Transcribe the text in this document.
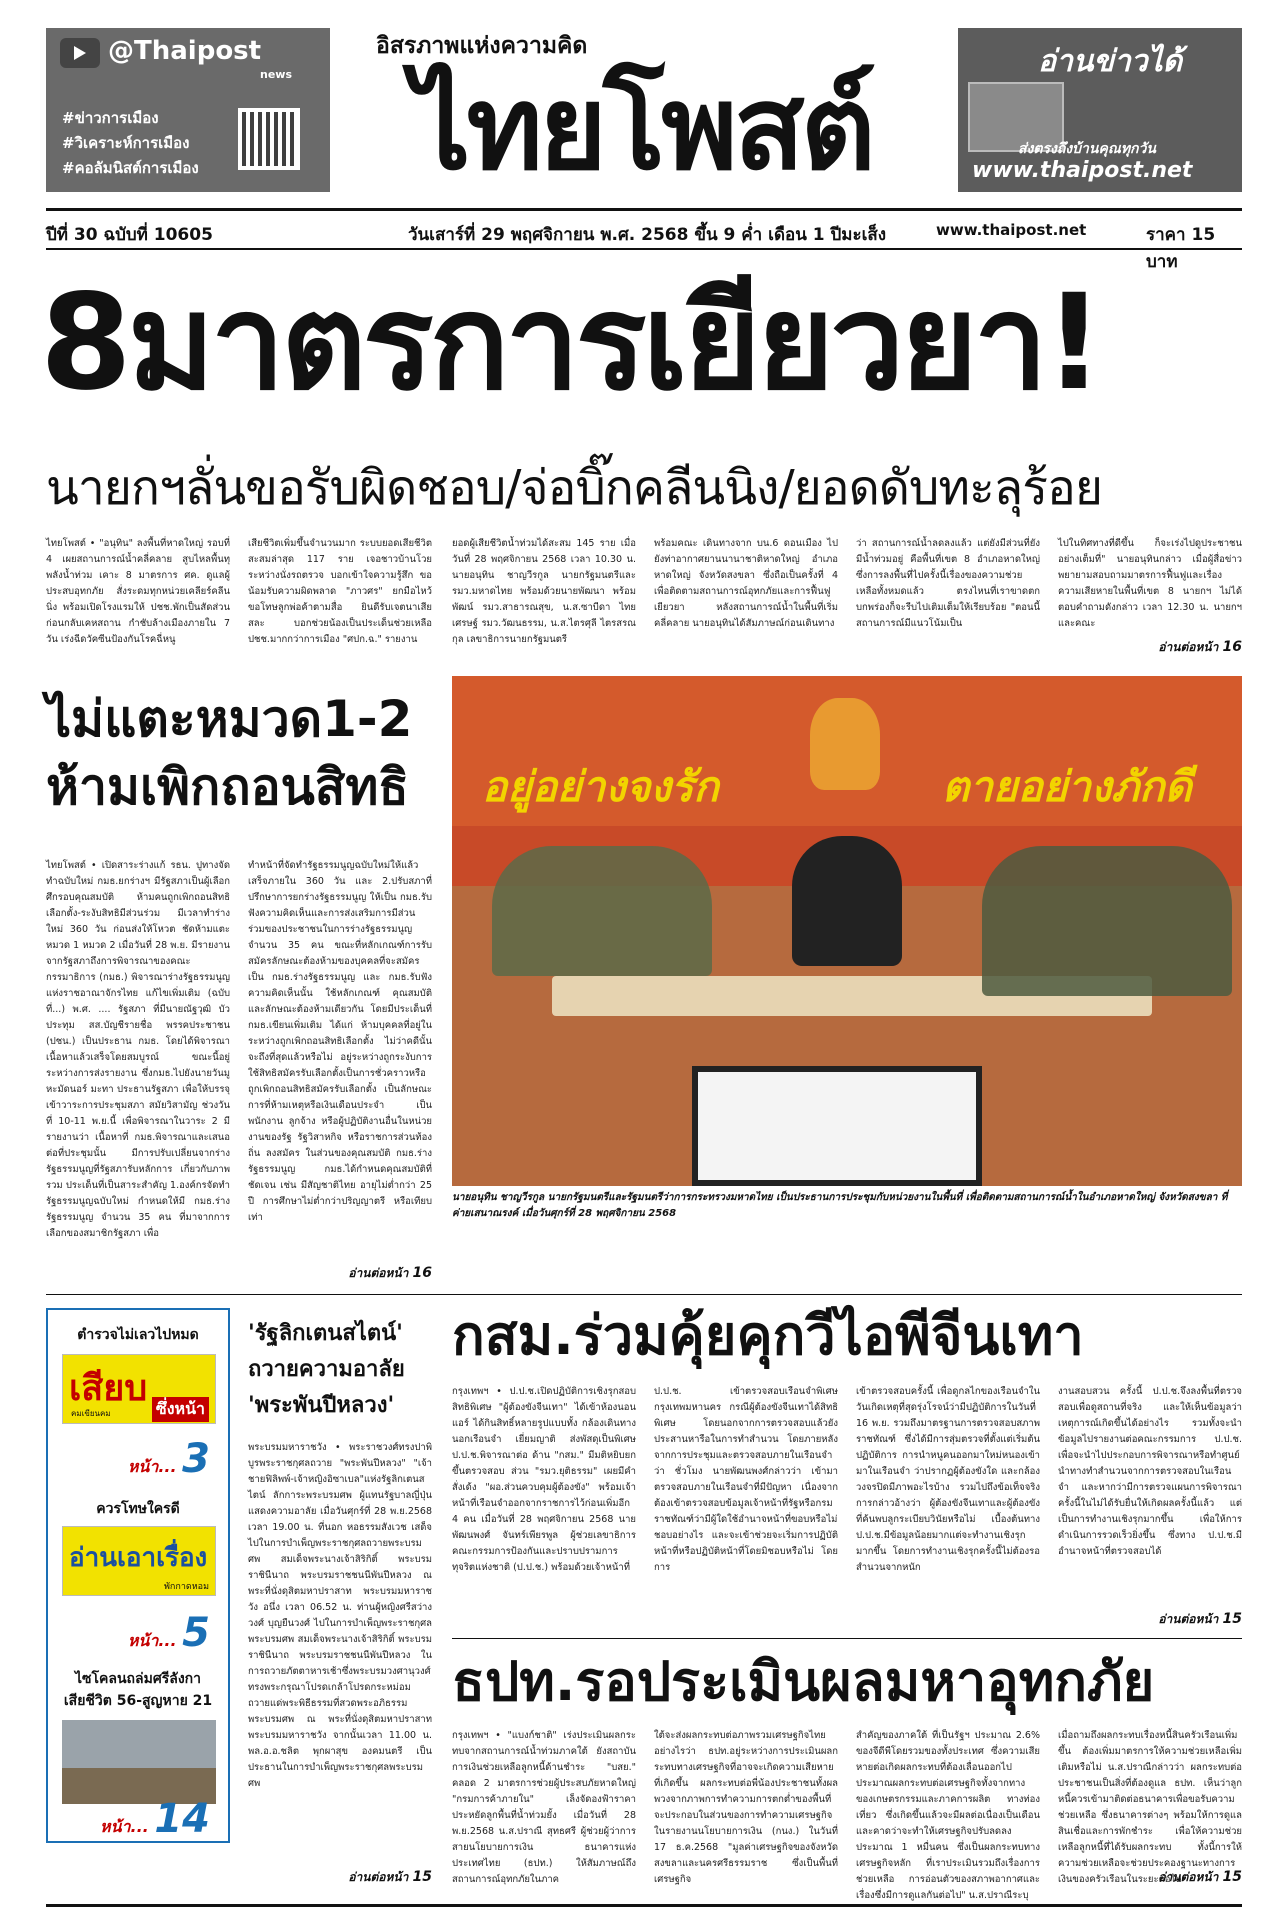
@Thaipost
news
#ข่าวการเมือง
#วิเคราะห์การเมือง
#คอลัมนิสต์การเมือง
อิสรภาพแห่งความคิด
ไทยโพสต์	อ่านข่าวได้
ส่งตรงถึงบ้านคุณทุกวัน
www.thaipost.net
ปีที่ 30 ฉบับที่ 10605	วันเสาร์ที่ 29 พฤศจิกายน พ.ศ. 2568 ขึ้น 9 ค่ำ เดือน 1 ปีมะเส็ง	www.thaipost.net	ราคา 15 บาท
8มาตรการเยียวยา!
นายกฯลั่นขอรับผิดชอบ/จ่อบิ๊กคลีนนิง/ยอดดับทะลุร้อย
ไทยโพสต์ • "อนุทิน" ลงพื้นที่หาดใหญ่ รอบที่ 4 เผยสถานการณ์น้ำคลี่คลาย สูบไหลพื้นทุพลังน้ำท่วม เคาะ 8 มาตรการ ศค. ดูแลผู้ประสบอุทกภัย สั่งระดมทุกหน่วยเคลียร์คลีนนิ่ง พร้อมเปิดโรงแรมให้ ปชช.พักเป็นสัดส่วนก่อนกลับเคหสถาน กำชับล้างเมืองภายใน 7 วัน เร่งฉีดวัคซีนป้องกันโรคฉี่หนู
เสียชีวิตเพิ่มขึ้นจำนวนมาก ระบบยอดเสียชีวิตสะสมล่าสุด 117 ราย เจอชาวบ้านโวยระหว่างนั่งรถตรวจ บอกเข้าใจความรู้สึก ขอน้อมรับความผิดพลาด "ภาวศร" ยกมือไหว้ขอโทษลูกพ่อค้าตามสื่อ ยินดีรับเจตนาเสียสละ บอกช่วยน้องเป็นประเด็นช่วยเหลือ ปชช.มากกว่าการเมือง "ศปก.ฉ." รายงาน
ยอดผู้เสียชีวิตน้ำท่วมได้สะสม 145 ราย เมื่อวันที่ 28 พฤศจิกายน 2568 เวลา 10.30 น. นายอนุทิน ชาญวีรกูล นายกรัฐมนตรีและ รมว.มหาดไทย พร้อมด้วยนายพัฒนา พร้อมพัฒน์ รมว.สาธารณสุข, น.ส.ซาบีดา ไทยเศรษฐ์ รมว.วัฒนธรรม, น.ส.ไตรศุลี ไตรสรณกุล เลขาธิการนายกรัฐมนตรี
พร้อมคณะ เดินทางจาก บน.6 ดอนเมือง ไปยังท่าอากาศยานนานาชาติหาดใหญ่ อำเภอหาดใหญ่ จังหวัดสงขลา ซึ่งถือเป็นครั้งที่ 4 เพื่อติดตามสถานการณ์อุทกภัยและการฟื้นฟูเยียวยา หลังสถานการณ์น้ำในพื้นที่เริ่มคลี่คลาย นายอนุทินได้สัมภาษณ์ก่อนเดินทาง
ว่า สถานการณ์น้ำลดลงแล้ว แต่ยังมีส่วนที่ยังมีน้ำท่วมอยู่ คือพื้นที่เขต 8 อำเภอหาดใหญ่ ซึ่งการลงพื้นที่ไปครั้งนี้เรื่องของความช่วยเหลือทั้งหมดแล้ว ตรงไหนที่เราขาดตกบกพร่องก็จะรีบไปเติมเต็มให้เรียบร้อย "ตอนนี้สถานการณ์มีแนวโน้มเป็น
ไปในทิศทางที่ดีขึ้น ก็จะเร่งไปดูประชาชนอย่างเต็มที่" นายอนุทินกล่าว เมื่อผู้สื่อข่าวพยายามสอบถามมาตรการฟื้นฟูและเรื่องความเสียหายในพื้นที่เขต 8 นายกฯ ไม่ได้ตอบคำถามดังกล่าว เวลา 12.30 น. นายกฯ และคณะ
อ่านต่อหน้า 16
ไม่แตะหมวด1-2
ห้ามเพิกถอนสิทธิ
ไทยโพสต์ • เปิดสาระร่างแก้ รธน. ปูทางจัดทำฉบับใหม่ กมธ.ยกร่างฯ มีรัฐสภาเป็นผู้เลือก ศึกรอบคุณสมบัติ ห้ามคนถูกเพิกถอนสิทธิเลือกตั้ง-ระงับสิทธิมีส่วนร่วม มีเวลาทำร่างใหม่ 360 วัน ก่อนส่งให้โหวต ชัดห้ามแตะหมวด 1 หมวด 2 เมื่อวันที่ 28 พ.ย. มีรายงานจากรัฐสภาถึงการพิจารณาของคณะกรรมาธิการ (กมธ.) พิจารณาร่างรัฐธรรมนูญแห่งราชอาณาจักรไทย แก้ไขเพิ่มเติม (ฉบับที่...) พ.ศ. .... รัฐสภา ที่มีนายณัฐวุฒิ บัวประทุม สส.บัญชีรายชื่อ พรรคประชาชน (ปชน.) เป็นประธาน กมธ. โดยได้พิจารณาเนื้อหาแล้วเสร็จโดยสมบูรณ์ ขณะนี้อยู่ระหว่างการส่งรายงาน ซึ่งกมธ.ไปยังนายวันมูหะมัดนอร์ มะทา ประธานรัฐสภา เพื่อให้บรรจุเข้าวาระการประชุมสภา สมัยวิสามัญ ช่วงวันที่ 10-11 พ.ย.นี้ เพื่อพิจารณาในวาระ 2 มีรายงานว่า เนื้อหาที่ กมธ.พิจารณาและเสนอต่อที่ประชุมนั้น มีการปรับเปลี่ยนจากร่างรัฐธรรมนูญที่รัฐสภารับหลักการ เกี่ยวกับภาพรวม ประเด็นที่เป็นสาระสำคัญ 1.องค์กรจัดทำรัฐธรรมนูญฉบับใหม่ กำหนดให้มี กมธ.ร่างรัฐธรรมนูญ จำนวน 35 คน ที่มาจากการเลือกของสมาชิกรัฐสภา เพื่อ
ทำหน้าที่จัดทำรัฐธรรมนูญฉบับใหม่ให้แล้วเสร็จภายใน 360 วัน และ 2.ปรับสภาที่ปรึกษาการยกร่างรัฐธรรมนูญ ให้เป็น กมธ.รับฟังความคิดเห็นและการส่งเสริมการมีส่วนร่วมของประชาชนในการร่างรัฐธรรมนูญ จำนวน 35 คน ขณะที่หลักเกณฑ์การรับสมัครลักษณะต้องห้ามของบุคคลที่จะสมัครเป็น กมธ.ร่างรัฐธรรมนูญ และ กมธ.รับฟังความคิดเห็นนั้น ใช้หลักเกณฑ์ คุณสมบัติ และลักษณะต้องห้ามเดียวกัน โดยมีประเด็นที่ กมธ.เขียนเพิ่มเติม ได้แก่ ห้ามบุคคลที่อยู่ในระหว่างถูกเพิกถอนสิทธิเลือกตั้ง ไม่ว่าคดีนั้นจะถึงที่สุดแล้วหรือไม่ อยู่ระหว่างถูกระงับการใช้สิทธิสมัครรับเลือกตั้งเป็นการชั่วคราวหรือถูกเพิกถอนสิทธิสมัครรับเลือกตั้ง เป็นลักษณะการที่ห้ามเหตุหรือเงินเดือนประจำ เป็นพนักงาน ลูกจ้าง หรือผู้ปฏิบัติงานอื่นในหน่วยงานของรัฐ รัฐวิสาหกิจ หรือราชการส่วนท้องถิ่น ลงสมัคร ในส่วนของคุณสมบัติ กมธ.ร่างรัฐธรรมนูญ กมธ.ได้กำหนดคุณสมบัติที่ชัดเจน เช่น มีสัญชาติไทย อายุไม่ต่ำกว่า 25 ปี การศึกษาไม่ต่ำกว่าปริญญาตรี หรือเทียบเท่า
อ่านต่อหน้า 16
อยู่อย่างจงรัก	ตายอย่างภักดี
นายอนุทิน ชาญวีรกูล นายกรัฐมนตรีและรัฐมนตรีว่าการกระทรวงมหาดไทย เป็นประธานการประชุมกับหน่วยงานในพื้นที่ เพื่อติดตามสถานการณ์น้ำในอำเภอหาดใหญ่ จังหวัดสงขลา ที่ค่ายเสนาณรงค์ เมื่อวันศุกร์ที่ 28 พฤศจิกายน 2568
ตำรวจไม่เลวไปหมด
เสียบ
คมเขียนคม	ซึ่งหน้า
หน้า... 3
ควรโทษใครดี
อ่านเอาเรื่อง
พักกาดหอม
หน้า... 5
ไซโคลนถล่มศรีลังกา
เสียชีวิต 56-สูญหาย 21
หน้า... 14
'รัฐลิกเตนสไตน์'
ถวายความอาลัย
'พระพันปีหลวง'
พระบรมมหาราชวัง • พระราชวงศ์ทรงปาพิบูรพระราชกุศลถวาย "พระพันปีหลวง" "เจ้าชายฟิลิพพ์-เจ้าหญิงอิซาเบล"แห่งรัฐลิกเตนสไตน์ ลักการะพระบรมศพ ผู้แทนรัฐบาลญี่ปุ่นแสดงความอาลัย เมื่อวันศุกร์ที่ 28 พ.ย.2568 เวลา 19.00 น. ที่นอก หอธรรมสังเวช เสด็จไปในการบำเพ็ญพระราชกุศลถวายพระบรมศพ สมเด็จพระนางเจ้าสิริกิติ์ พระบรมราชินีนาถ พระบรมราชชนนีพันปีหลวง ณ พระที่นั่งดุสิตมหาปราสาท พระบรมมหาราชวัง อนึ่ง เวลา 06.52 น. ท่านผู้หญิงศรีสว่างวงศ์ บุญยืนวงศ์ ไปในการบำเพ็ญพระราชกุศลพระบรมศพ สมเด็จพระนางเจ้าสิริกิติ์ พระบรมราชินีนาถ พระบรมราชชนนีพันปีหลวง ในการถวายภัตตาหารเช้าซึ่งพระบรมวงศานุวงศ์ทรงพระกรุณาโปรดเกล้าโปรดกระหม่อมถวายแด่พระพิธีธรรมที่สวดพระอภิธรรมพระบรมศพ ณ พระที่นั่งดุสิตมหาปราสาท พระบรมมหาราชวัง จากนั้นเวลา 11.00 น. พล.อ.อ.ชลิต พุกผาสุข องคมนตรี เป็นประธานในการบำเพ็ญพระราชกุศลพระบรมศพ
อ่านต่อหน้า 15
กสม.ร่วมคุ้ยคุกวีไอพีจีนเทา
กรุงเทพฯ • ป.ป.ช.เปิดปฏิบัติการเชิงรุกสอบสิทธิพิเศษ "ผู้ต้องขังจีนเทา" ได้เข้าห้องนอนแอร์ ได้กินสิทธิ์หลายรูปแบบทั้ง กล้องเดินทางนอกเรือนจำ เยี่ยมญาติ ส่งพัสดุเป็นพิเศษ ป.ป.ช.พิจารณาต่อ ด้าน "กสม." มีมติหยิบยกขึ้นตรวจสอบ ส่วน "รมว.ยุติธรรม" เผยมีคำสั่งเด้ง "ผอ.ส่วนควบคุมผู้ต้องขัง" พร้อมเจ้าหน้าที่เรือนจำออกจากราชการไว้ก่อนเพิ่มอีก 4 คน เมื่อวันที่ 28 พฤศจิกายน 2568 นายพัฒนพงศ์ จันทร์เพียรพูล ผู้ช่วยเลขาธิการคณะกรรมการป้องกันและปราบปรามการทุจริตแห่งชาติ (ป.ป.ช.) พร้อมด้วยเจ้าหน้าที่
ป.ป.ช. เข้าตรวจสอบเรือนจำพิเศษกรุงเทพมหานคร กรณีผู้ต้องขังจีนเทาได้สิทธิพิเศษ โดยนอกจากการตรวจสอบแล้วยังประสานหารือในการทำสำนวน โดยภายหลังจากการประชุมและตรวจสอบภายในเรือนจำว่า ชั่วโมง นายพัฒนพงศ์กล่าวว่า เข้ามาตรวจสอบภายในเรือนจำที่มีปัญหา เนื่องจากต้องเข้าตรวจสอบข้อมูลเจ้าหน้าที่รัฐหรือกรมราชทัณฑ์ว่ามีผู้ใดใช้อำนาจหน้าที่ขอบหรือไม่ชอบอย่างไร และจะเข้าช่วยจะเริ่มการปฏิบัติหน้าที่หรือปฏิบัติหน้าที่โดยมิชอบหรือไม่ โดยการ
เข้าตรวจสอบครั้งนี้ เพื่อดูกลไกของเรือนจำในวันเกิดเหตุที่สุดรุ่งโรจน์ว่ามีปฏิบัติการในวันที่ 16 พ.ย. รวมถึงมาตรฐานการตรวจสอบสภาพราชทัณฑ์ ซึ่งได้มีการสุ่มตรวจที่ตั้งแต่เริ่มต้นปฏิบัติการ การนำหนูคนออกมาใหม่หนองเข้ามาในเรือนจำ ว่าปรากฏผู้ต้องขังใด และกล้องวงจรปิดมีภาพอะไรบ้าง รวมไปถึงข้อเท็จจริงการกล่าวอ้างว่า ผู้ต้องขังจีนเทาและผู้ต้องขังที่ค้นพบลูกระเบียบวินัยหรือไม่ เบื้องต้นทาง ป.ป.ช.มีข้อมูลน้อยมากแต่จะทำงานเชิงรุกมากขึ้น โดยการทำงานเชิงรุกครั้งนี้ไม่ต้องรอสำนวนจากหนัก
งานสอบสวน ครั้งนี้ ป.ป.ช.จึงลงพื้นที่ตรวจสอบเพื่อดูสถานที่จริง และให้เห็นข้อมูลว่าเหตุการณ์เกิดขึ้นได้อย่างไร รวมทั้งจะนำข้อมูลไปรายงานต่อคณะกรรมการ ป.ป.ช. เพื่อจะนำไปประกอบการพิจารณาหรือทำศูนย์นำทางทำสำนวนจากการตรวจสอบในเรือนจำ และหากว่ามีการตรวจแผนการพิจารณาครั้งนี้ในไม่ได้รับยื่นให้เกิดผลครั้งนี้แล้ว แต่เป็นการทำงานเชิงรุกมากขึ้น เพื่อให้การดำเนินการรวดเร็วยิ่งขึ้น ซึ่งทาง ป.ป.ช.มีอำนาจหน้าที่ตรวจสอบได้
อ่านต่อหน้า 15
ธปท.รอประเมินผลมหาอุทกภัย
กรุงเทพฯ • "แบงก์ชาติ" เร่งประเมินผลกระทบจากสถานการณ์น้ำท่วมภาคใต้ ยังสถาบันการเงินช่วยเหลือลูกหนี้ด้านชำระ "บสย." คลอด 2 มาตรการช่วยผู้ประสบภัยหาดใหญ่ "กรมการค้าภายใน" เล็งจัดองฟ้าราคาประหยัดลูกพื้นที่น้ำท่วมยั้ง เมื่อวันที่ 28 พ.ย.2568 น.ส.ปราณี สุทธศรี ผู้ช่วยผู้ว่าการ สายนโยบายการเงิน ธนาคารแห่งประเทศไทย (ธปท.) ให้สัมภาษณ์ถึงสถานการณ์อุทกภัยในภาค
ใต้จะส่งผลกระทบต่อภาพรวมเศรษฐกิจไทยอย่างไรว่า ธปท.อยู่ระหว่างการประเมินผลกระทบทางเศรษฐกิจที่อาจจะเกิดความเสียหายที่เกิดขึ้น ผลกระทบต่อพี่น้องประชาชนทั้งผลพวงจากภาพการทำความการตกต่ำของพื้นที่ จะประกอบในส่วนของการทำความเศรษฐกิจในรายงานนโยบายการเงิน (กนง.) ในวันที่ 17 ธ.ค.2568 "มูลค่าเศรษฐกิจของจังหวัดสงขลาและนครศรีธรรมราช ซึ่งเป็นพื้นที่เศรษฐกิจ
สำคัญของภาคใต้ ที่เป็นรัฐฯ ประมาณ 2.6% ของจีดีพีโดยรวมของทั้งประเทศ ซึ่งความเสียหายต่อเกิดผลกระทบที่ต้องเลื่อนออกไปประมาณผลกระทบต่อเศรษฐกิจทั้งจากทางของเกษตรกรรมและภาคการผลิต ทางท่องเที่ยว ซึ่งเกิดขึ้นแล้วจะมีผลต่อเนื่องเป็นเดือนและคาดว่าจะทำให้เศรษฐกิจปรับลดลงประมาณ 1 หมื่นคน ซึ่งเป็นผลกระทบทางเศรษฐกิจหลัก ที่เราประเมินรวมถึงเรื่องการช่วยเหลือ การอ่อนตัวของสภาพอากาศและเรื่องซึ่งมีการดูแลกันต่อไป" น.ส.ปราณีระบุ
เมื่อถามถึงผลกระทบเรื่องหนี้สินครัวเรือนเพิ่มขึ้น ต้องเพิ่มมาตรการให้ความช่วยเหลือเพิ่มเติมหรือไม่ น.ส.ปราณีกล่าวว่า ผลกระทบต่อประชาชนเป็นสิ่งที่ต้องดูแล ธปท. เห็นว่าลูกหนี้ควรเข้ามาติดต่อธนาคารเพื่อขอรับความช่วยเหลือ ซึ่งธนาคารต่างๆ พร้อมให้การดูแลสินเชื่อและการพักชำระ เพื่อให้ความช่วยเหลือลูกหนี้ที่ได้รับผลกระทบ ทั้งนี้การให้ความช่วยเหลือจะช่วยประคองฐานะทางการเงินของครัวเรือนในระยะต่อไป
อ่านต่อหน้า 15
